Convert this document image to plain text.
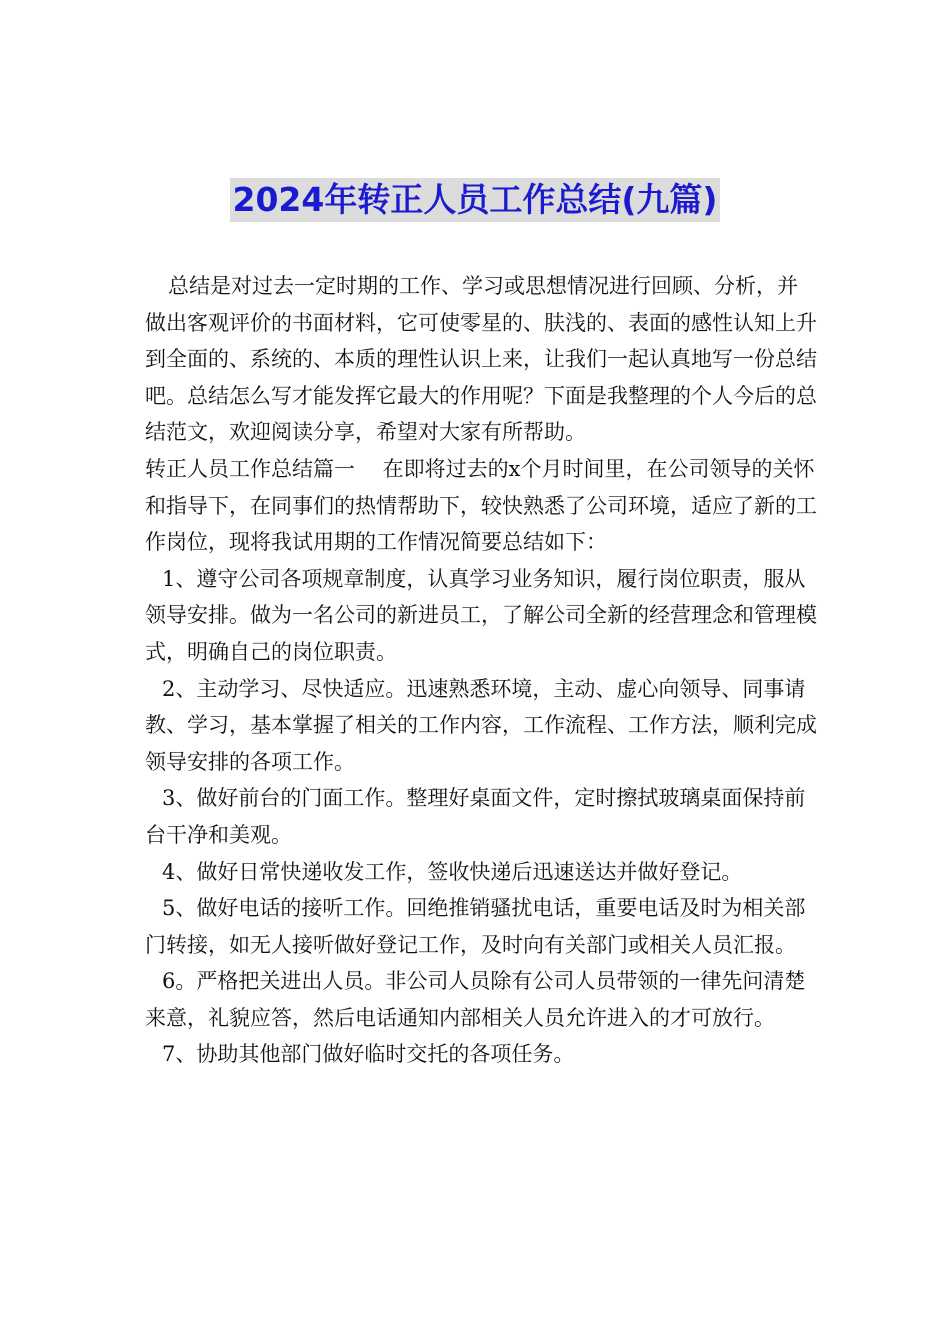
2024年转正人员工作总结(九篇)

总结是对过去一定时期的工作、学习或思想情况进行回顾、分析，并做出客观评价的书面材料，它可使零星的、肤浅的、表面的感性认知上升到全面的、系统的、本质的理性认识上来，让我们一起认真地写一份总结吧。总结怎么写才能发挥它最大的作用呢？下面是我整理的个人今后的总结范文，欢迎阅读分享，希望对大家有所帮助。

转正人员工作总结篇一　 在即将过去的x个月时间里，在公司领导的关怀和指导下，在同事们的热情帮助下，较快熟悉了公司环境，适应了新的工作岗位，现将我试用期的工作情况简要总结如下：

1、遵守公司各项规章制度，认真学习业务知识，履行岗位职责，服从领导安排。做为一名公司的新进员工，了解公司全新的经营理念和管理模式，明确自己的岗位职责。

2、主动学习、尽快适应。迅速熟悉环境，主动、虚心向领导、同事请教、学习，基本掌握了相关的工作内容，工作流程、工作方法，顺利完成领导安排的各项工作。

3、做好前台的门面工作。整理好桌面文件，定时擦拭玻璃桌面保持前台干净和美观。

4、做好日常快递收发工作，签收快递后迅速送达并做好登记。

5、做好电话的接听工作。回绝推销骚扰电话，重要电话及时为相关部门转接，如无人接听做好登记工作，及时向有关部门或相关人员汇报。

6。严格把关进出人员。非公司人员除有公司人员带领的一律先问清楚来意，礼貌应答，然后电话通知内部相关人员允许进入的才可放行。

7、协助其他部门做好临时交托的各项任务。
